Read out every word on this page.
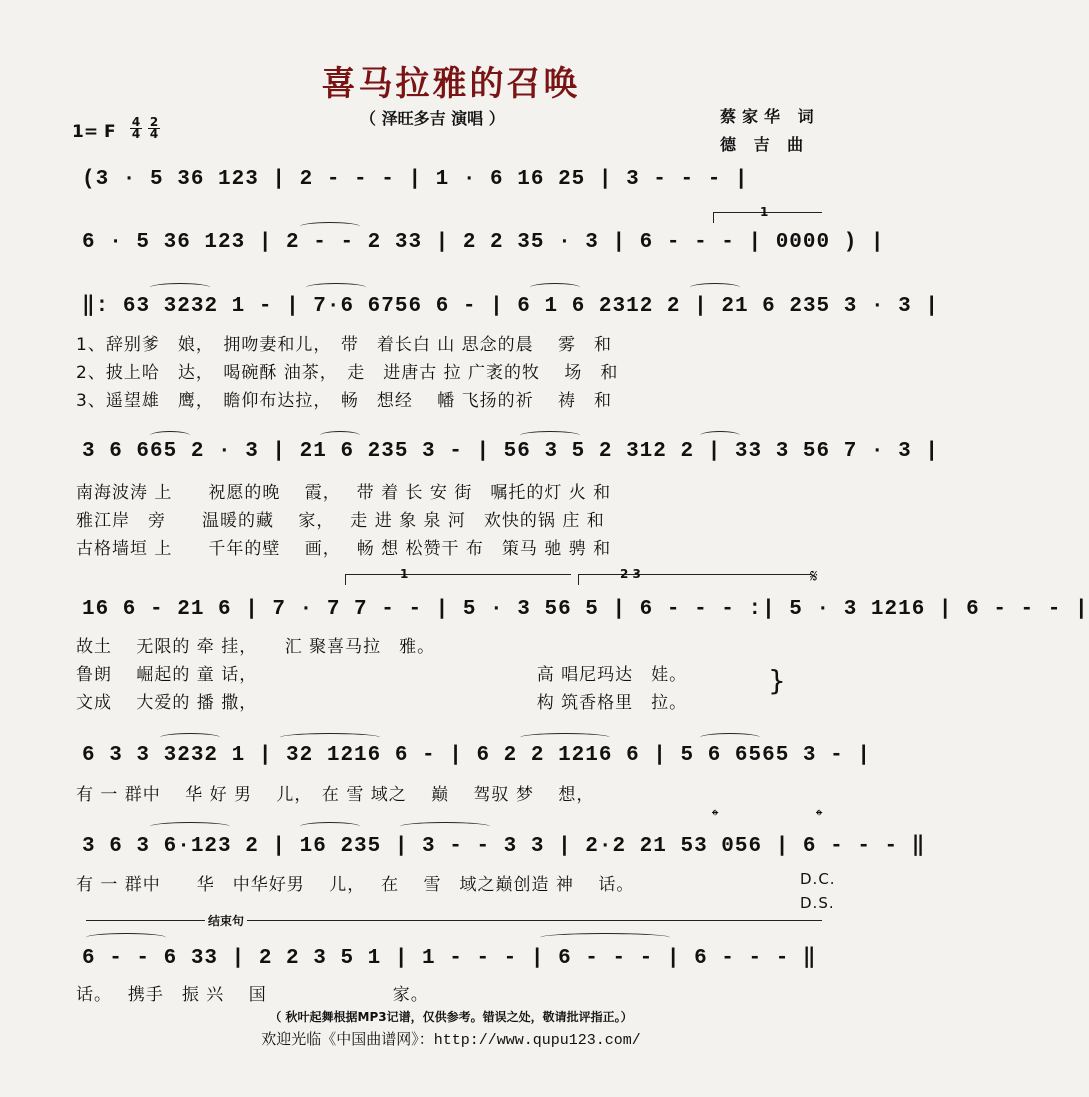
喜马拉雅的召唤
（ 泽旺多吉 演唱 ）	蔡家华 词
德 吉 曲
1= F 4
4
2
4
(3 · 5 36 123 | 2 - - - | 1 · 6 16 25 | 3 - - - |
1
6 · 5 36 123 | 2 - - 2 33 | 2 2 35 · 3 | 6 - - - | 0000 ) |
‖: 63 3232 1 - | 7·6 6756 6 - | 6 1 6 2312 2 | 21 6 235 3 · 3 |
1、辞别爹　娘，　拥吻妻和儿，　带　着长白 山 思念的晨　 雾　和
2、披上哈　达，　喝碗酥 油茶，　走　进唐古 拉 广袤的牧　 场　和
3、遥望雄　鹰，　瞻仰布达拉，　畅　想经　 幡 飞扬的祈　 祷　和
3 6 665 2 · 3 | 21 6 235 3 - | 56 3 5 2 312 2 | 33 3 56 7 · 3 |
南海波涛 上　　祝愿的晚　 霞，　 带 着 长 安 街　嘱托的灯 火 和
雅江岸　旁　　温暖的藏　 家，　 走 进 象 泉 河　欢快的锅 庄 和
古格墙垣 上　　千年的壁　 画，　 畅 想 松赞干 布　策马 驰 骋 和
1	2 3	𝄋
16 6 - 21 6 | 7 · 7 7 - - | 5 · 3 56 5 | 6 - - - :| 5 · 3 1216 | 6 - - - |
故土　 无限的 牵 挂，　　汇 聚喜马拉　雅。
鲁朗　 崛起的 童 话，　　　　　　　　　　　　　　　　高 唱尼玛达　娃。
文成　 大爱的 播 撒，　　　　　　　　　　　　　　　　构 筑香格里　拉。
}
6 3 3 3232 1 | 32 1216 6 - | 6 2 2 1216 6 | 5 6 6565 3 - |
有 一 群中　 华 好 男　 儿，　在 雪 域之　 巅　 驾驭 梦　 想，
𝄌	𝄌
3 6 3 6·123 2 | 16 235 | 3 - - 3 3 | 2·2 21 53 056 | 6 - - - ‖
有 一 群中　　华　中华好男　 儿，　 在　 雪　域之巅创造 神　 话。	D.C.
D.S.
结束句
6 - - 6 33 | 2 2 3 5 1 | 1 - - - | 6 - - - | 6 - - - ‖
话。　 携手　振 兴　 国　　　　　　　家。
（ 秋叶起舞根据MP3记谱，仅供参考。错误之处，敬请批评指正。）
欢迎光临《中国曲谱网》：http://www.qupu123.com/
